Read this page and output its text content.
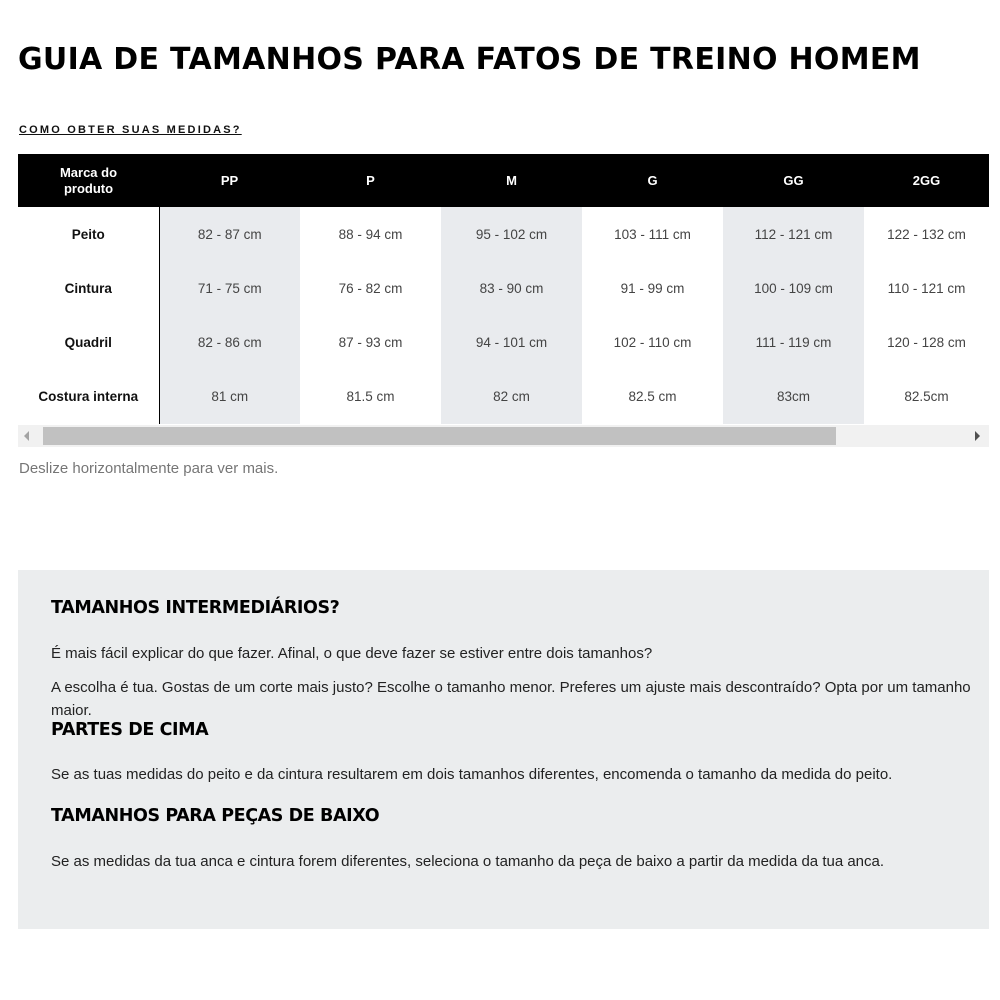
GUIA DE TAMANHOS PARA FATOS DE TREINO HOMEM
COMO OBTER SUAS MEDIDAS?
Marca do produto	PP	P	M	G	GG	2GG
Peito	82 - 87 cm	88 - 94 cm	95 - 102 cm	103 - 111 cm	112 - 121 cm	122 - 132 cm
Cintura	71 - 75 cm	76 - 82 cm	83 - 90 cm	91 - 99 cm	100 - 109 cm	110 - 121 cm
Quadril	82 - 86 cm	87 - 93 cm	94 - 101 cm	102 - 110 cm	111 - 119 cm	120 - 128 cm
Costura interna	81 cm	81.5 cm	82 cm	82.5 cm	83cm	82.5cm

Deslize horizontalmente para ver mais.

TAMANHOS INTERMEDIÁRIOS?

É mais fácil explicar do que fazer. Afinal, o que deve fazer se estiver entre dois tamanhos?

A escolha é tua. Gostas de um corte mais justo? Escolhe o tamanho menor. Preferes um ajuste mais descontraído? Opta por um tamanho maior.

PARTES DE CIMA

Se as tuas medidas do peito e da cintura resultarem em dois tamanhos diferentes, encomenda o tamanho da medida do peito.

TAMANHOS PARA PEÇAS DE BAIXO

Se as medidas da tua anca e cintura forem diferentes, seleciona o tamanho da peça de baixo a partir da medida da tua anca.
